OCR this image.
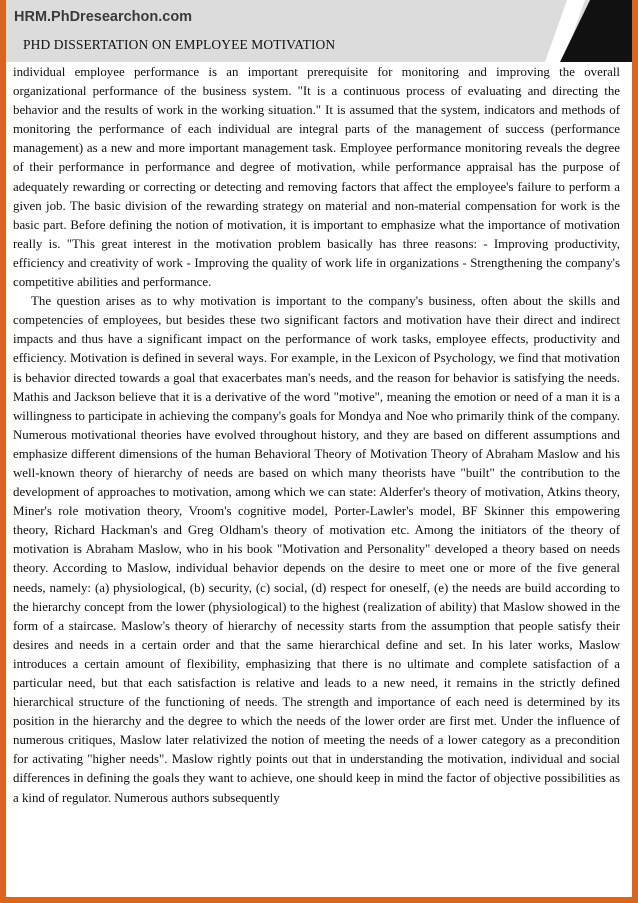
HRM.PhDresearchon.com
PHD DISSERTATION ON EMPLOYEE MOTIVATION

individual employee performance is an important prerequisite for monitoring and improving the overall organizational performance of the business system. "It is a continuous process of evaluating and directing the behavior and the results of work in the working situation." It is assumed that the system, indicators and methods of monitoring the performance of each individual are integral parts of the management of success (performance management) as a new and more important management task. Employee performance monitoring reveals the degree of their performance in performance and degree of motivation, while performance appraisal has the purpose of adequately rewarding or correcting or detecting and removing factors that affect the employee's failure to perform a given job. The basic division of the rewarding strategy on material and non-material compensation for work is the basic part. Before defining the notion of motivation, it is important to emphasize what the importance of motivation really is. "This great interest in the motivation problem basically has three reasons: - Improving productivity, efficiency and creativity of work - Improving the quality of work life in organizations - Strengthening the company's competitive abilities and performance.

The question arises as to why motivation is important to the company's business, often about the skills and competencies of employees, but besides these two significant factors and motivation have their direct and indirect impacts and thus have a significant impact on the performance of work tasks, employee effects, productivity and efficiency. Motivation is defined in several ways. For example, in the Lexicon of Psychology, we find that motivation is behavior directed towards a goal that exacerbates man's needs, and the reason for behavior is satisfying the needs. Mathis and Jackson believe that it is a derivative of the word "motive", meaning the emotion or need of a man it is a willingness to participate in achieving the company's goals for Mondya and Noe who primarily think of the company. Numerous motivational theories have evolved throughout history, and they are based on different assumptions and emphasize different dimensions of the human Behavioral Theory of Motivation Theory of Abraham Maslow and his well-known theory of hierarchy of needs are based on which many theorists have "built" the contribution to the development of approaches to motivation, among which we can state: Alderfer's theory of motivation, Atkins theory, Miner's role motivation theory, Vroom's cognitive model, Porter-Lawler's model, BF Skinner this empowering theory, Richard Hackman's and Greg Oldham's theory of motivation etc. Among the initiators of the theory of motivation is Abraham Maslow, who in his book "Motivation and Personality" developed a theory based on needs theory. According to Maslow, individual behavior depends on the desire to meet one or more of the five general needs, namely: (a) physiological, (b) security, (c) social, (d) respect for oneself, (e) the needs are build according to the hierarchy concept from the lower (physiological) to the highest (realization of ability) that Maslow showed in the form of a staircase. Maslow's theory of hierarchy of necessity starts from the assumption that people satisfy their desires and needs in a certain order and that the same hierarchical define and set. In his later works, Maslow introduces a certain amount of flexibility, emphasizing that there is no ultimate and complete satisfaction of a particular need, but that each satisfaction is relative and leads to a new need, it remains in the strictly defined hierarchical structure of the functioning of needs. The strength and importance of each need is determined by its position in the hierarchy and the degree to which the needs of the lower order are first met. Under the influence of numerous critiques, Maslow later relativized the notion of meeting the needs of a lower category as a precondition for activating "higher needs". Maslow rightly points out that in understanding the motivation, individual and social differences in defining the goals they want to achieve, one should keep in mind the factor of objective possibilities as a kind of regulator. Numerous authors subsequently
